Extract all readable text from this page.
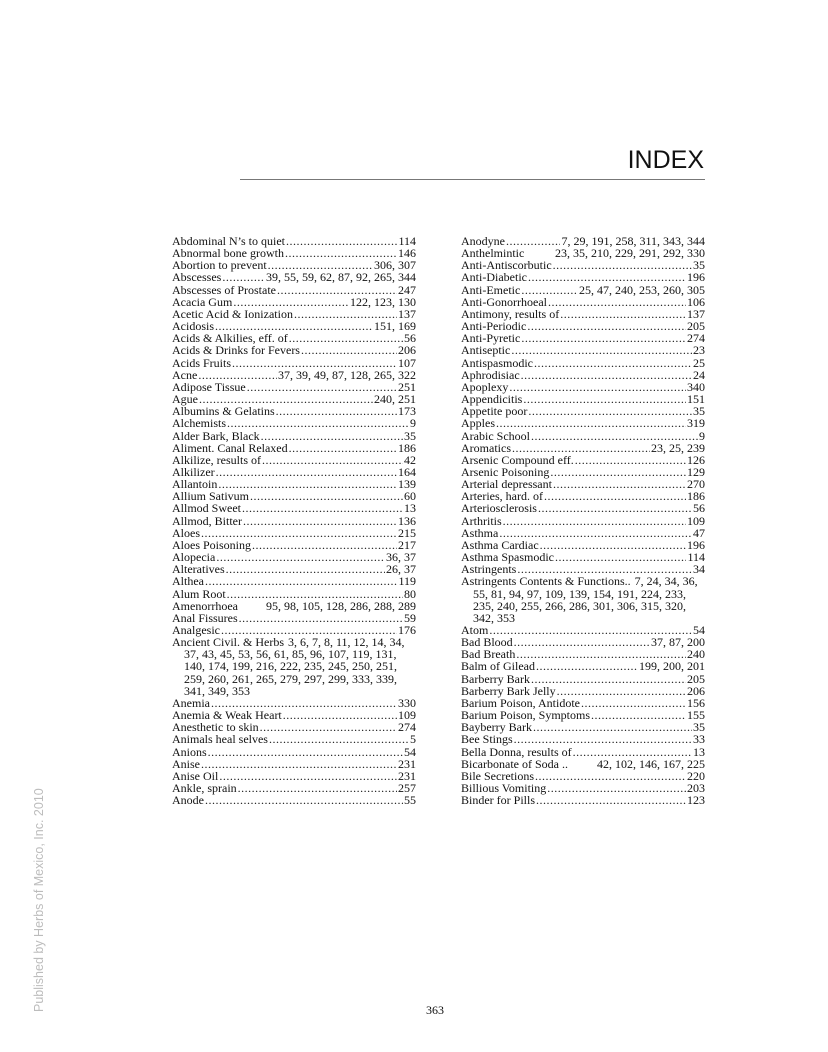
INDEX
Abdominal N’s to quiet .....	114
Abnormal bone growth .....	146
Abortion to prevent .....	306, 307
Abscesses .....	39, 55, 59, 62, 87, 92, 265, 344
Abscesses of Prostate .....	247
Acacia Gum .....	122, 123, 130
Acetic Acid & Ionization .....	137
Acidosis .....	151, 169
Acids & Alkilies, eff. of .....	56
Acids & Drinks for Fevers .....	206
Acids Fruits .....	107
Acne .....	37, 39, 49, 87, 128, 265, 322
Adipose Tissue .....	251
Ague .....	240, 251
Albumins & Gelatins .....	173
Alchemists .....	9
Alder Bark, Black .....	35
Aliment. Canal Relaxed .....	186
Alkilize, results of .....	42
Alkilizer .....	164
Allantoin .....	139
Allium Sativum .....	60
Allmod Sweet .....	13
Allmod, Bitter .....	136
Aloes .....	215
Aloes Poisoning .....	217
Alopecia .....	36, 37
Alteratives .....	26, 37
Althea .....	119
Alum Root .....	80
Amenorrhoea 95, 98, 105, 128, 286, 288, 289
Anal Fissures .....	59
Analgesic .....	176
Ancient Civil. & Herbs 3, 6, 7, 8, 11, 12, 14, 34, 37, 43, 45, 53, 56, 61, 85, 96, 107, 119, 131, 140, 174, 199, 216, 222, 235, 245, 250, 251, 259, 260, 261, 265, 279, 297, 299, 333, 339, 341, 349, 353
Anemia .....	330
Anemia & Weak Heart .....	109
Anesthetic to skin .....	274
Animals heal selves .....	5
Anions .....	54
Anise .....	231
Anise Oil .....	231
Ankle, sprain .....	257
Anode .....	55
Anodyne .....	7, 29, 191, 258, 311, 343, 344
Anthelmintic	23, 35, 210, 229, 291, 292, 330
Anti-Antiscorbutic .....	35
Anti-Diabetic .....	196
Anti-Emetic .....	25, 47, 240, 253, 260, 305
Anti-Gonorrhoeal .....	106
Antimony, results of .....	137
Anti-Periodic .....	205
Anti-Pyretic .....	274
Antiseptic .....	23
Antispasmodic .....	25
Aphrodisiac .....	24
Apoplexy .....	340
Appendicitis .....	151
Appetite poor .....	35
Apples .....	319
Arabic School .....	9
Aromatics .....	23, 25, 239
Arsenic Compound eff. .....	126
Arsenic Poisoning .....	129
Arterial depressant .....	270
Arteries, hard. of .....	186
Arteriosclerosis .....	56
Arthritis .....	109
Asthma .....	47
Asthma Cardiac .....	196
Asthma Spasmodic .....	114
Astringents .....	34
Astringents Contents & Functions.. 7, 24, 34, 36, 55, 81, 94, 97, 109, 139, 154, 191, 224, 233, 235, 240, 255, 266, 286, 301, 306, 315, 320, 342, 353
Atom .....	54
Bad Blood .....	37, 87, 200
Bad Breath .....	240
Balm of Gilead .....	199, 200, 201
Barberry Bark .....	205
Barberry Bark Jelly .....	206
Barium Poison, Antidote .....	156
Barium Poison, Symptoms .....	155
Bayberry Bark .....	35
Bee Stings .....	33
Bella Donna, results of .....	13
Bicarbonate of Soda .. 42, 102, 146, 167, 225
Bile Secretions .....	220
Billious Vomiting .....	203
Binder for Pills .....	123
363
Published by Herbs of Mexico, Inc. 2010
